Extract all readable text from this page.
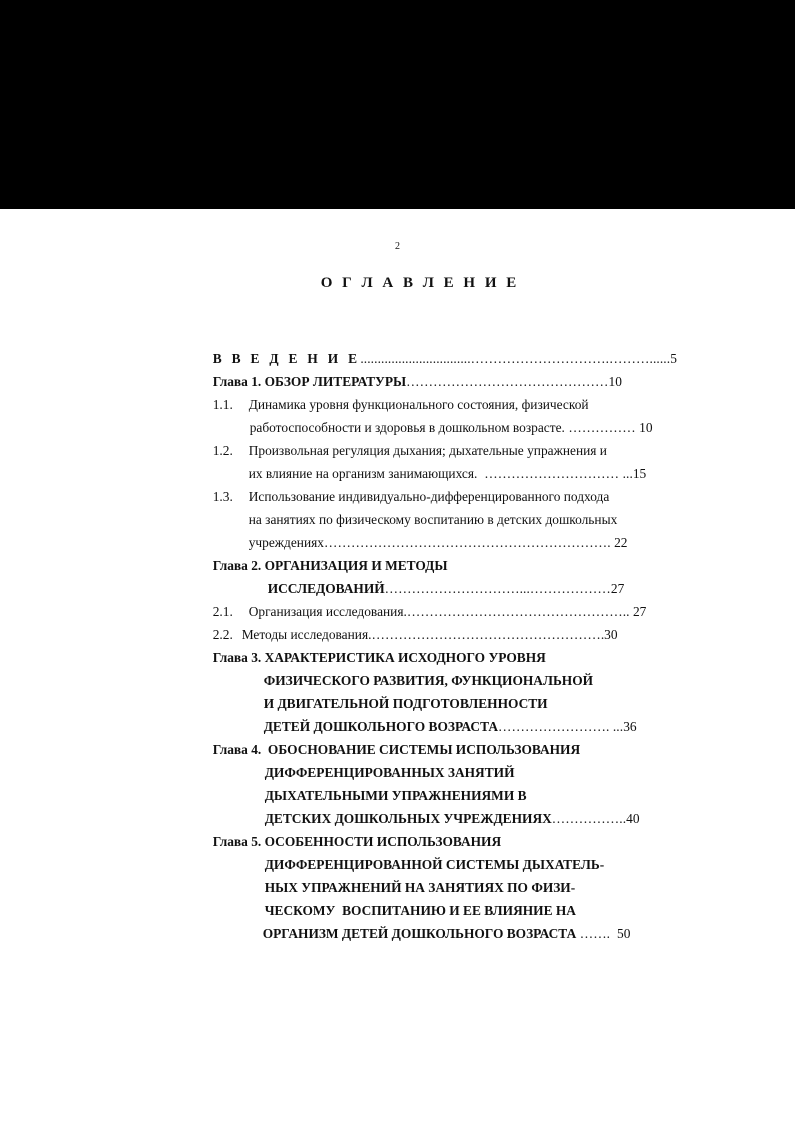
2
О Г Л А В Л Е Н И Е

В В Е Д Е Н И Е................................………………………….………......5

Глава 1. ОБЗОР ЛИТЕРАТУРЫ………………………………………10

1.1. Динамика уровня функционального состояния, физической

работоспособности и здоровья в дошкольном возрасте. …………… 10

1.2. Произвольная регуляция дыхания; дыхательные упражнения и

их влияние на организм занимающихся.  ………………………… ...15

1.3. Использование индивидуально-дифференцированного подхода

на занятиях по физическому воспитанию в детских дошкольных

учреждениях………………………………………………………. 22

Глава 2. ОРГАНИЗАЦИЯ И МЕТОДЫ

ИССЛЕДОВАНИЙ…………………………...………………27

2.1. Организация исследования.………………………………………….. 27

2.2. Методы исследования.…………………………………………….30

Глава 3. ХАРАКТЕРИСТИКА ИСХОДНОГО УРОВНЯ

ФИЗИЧЕСКОГО РАЗВИТИЯ, ФУНКЦИОНАЛЬНОЙ

И ДВИГАТЕЛЬНОЙ ПОДГОТОВЛЕННОСТИ

ДЕТЕЙ ДОШКОЛЬНОГО ВОЗРАСТА……………………. ...36

Глава 4.  ОБОСНОВАНИЕ СИСТЕМЫ ИСПОЛЬЗОВАНИЯ

ДИФФЕРЕНЦИРОВАННЫХ ЗАНЯТИЙ

ДЫХАТЕЛЬНЫМИ УПРАЖНЕНИЯМИ В

ДЕТСКИХ ДОШКОЛЬНЫХ УЧРЕЖДЕНИЯХ……………..40

Глава 5. ОСОБЕННОСТИ ИСПОЛЬЗОВАНИЯ

ДИФФЕРЕНЦИРОВАННОЙ СИСТЕМЫ ДЫХАТЕЛЬ-

НЫХ УПРАЖНЕНИЙ НА ЗАНЯТИЯХ ПО ФИЗИ-

ЧЕСКОМУ  ВОСПИТАНИЮ И ЕЕ ВЛИЯНИЕ НА

ОРГАНИЗМ ДЕТЕЙ ДОШКОЛЬНОГО ВОЗРАСТА …….  50
